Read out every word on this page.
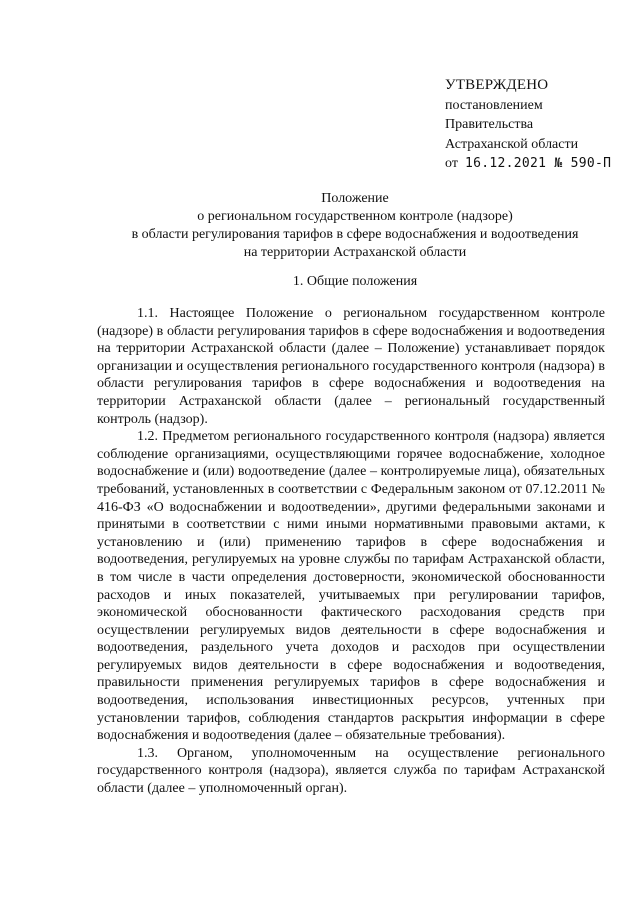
УТВЕРЖДЕНО
постановлением
Правительства
Астраханской области
от 16.12.2021 № 590-П
Положение
о региональном государственном контроле (надзоре)
в области регулирования тарифов в сфере водоснабжения и водоотведения
на территории Астраханской области
1. Общие положения

1.1. Настоящее Положение о региональном государственном контроле (надзоре) в области регулирования тарифов в сфере водоснабжения и водоотведения на территории Астраханской области (далее – Положение) устанавливает порядок организации и осуществления регионального государственного контроля (надзора) в области регулирования тарифов в сфере водоснабжения и водоотведения на территории Астраханской области (далее – региональный государственный контроль (надзор).

1.2. Предметом регионального государственного контроля (надзора) является соблюдение организациями, осуществляющими горячее водоснабжение, холодное водоснабжение и (или) водоотведение (далее – контролируемые лица), обязательных требований, установленных в соответствии с Федеральным законом от 07.12.2011 № 416-ФЗ «О водоснабжении и водоотведении», другими федеральными законами и принятыми в соответствии с ними иными нормативными правовыми актами, к установлению и (или) применению тарифов в сфере водоснабжения и водоотведения, регулируемых на уровне службы по тарифам Астраханской области, в том числе в части определения достоверности, экономической обоснованности расходов и иных показателей, учитываемых при регулировании тарифов, экономической обоснованности фактического расходования средств при осуществлении регулируемых видов деятельности в сфере водоснабжения и водоотведения, раздельного учета доходов и расходов при осуществлении регулируемых видов деятельности в сфере водоснабжения и водоотведения, правильности применения регулируемых тарифов в сфере водоснабжения и водоотведения, использования инвестиционных ресурсов, учтенных при установлении тарифов, соблюдения стандартов раскрытия информации в сфере водоснабжения и водоотведения (далее – обязательные требования).

1.3. Органом, уполномоченным на осуществление регионального государственного контроля (надзора), является служба по тарифам Астраханской области (далее – уполномоченный орган).
